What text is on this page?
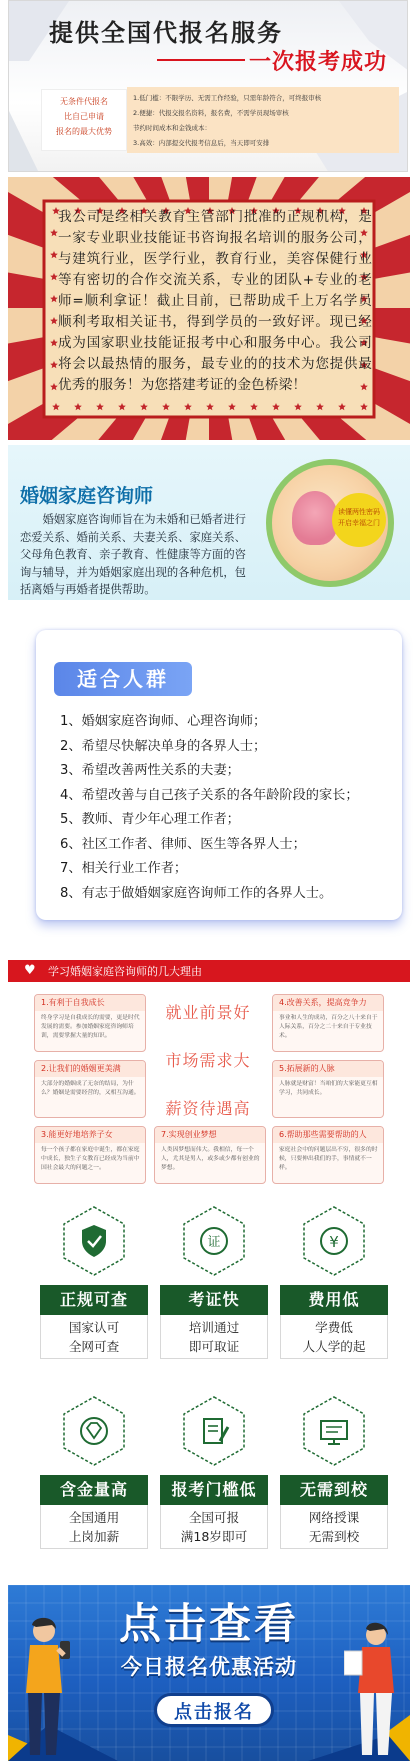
提供全国代报名服务
一次报考成功
无条件代报名
比自己申请
报名的最大优势
1.低门槛：不限学历、无需工作经验，只需年龄符合，可终报审核
2.便捷：代报交报名资料，报名费，不需学员现场审核
节约时间成本和金钱成本：
3.高效：内部提交代报考信息后，当天即可安排
我公司是经相关教育主管部门批准的正规机构，是一家专业职业技能证书咨询报名培训的服务公司，与建筑行业，医学行业，教育行业，美容保健行业等有密切的合作交流关系，专业的团队+专业的老师=顺利拿证！截止目前，已帮助成千上万名学员顺利考取相关证书，得到学员的一致好评。现已经成为国家职业技能证报考中心和服务中心。我公司将会以最热情的服务，最专业的的技术为您提供最优秀的服务！为您搭建考证的金色桥梁！
婚姻家庭咨询师
婚姻家庭咨询师旨在为未婚和已婚者进行恋爱关系、婚前关系、夫妻关系、家庭关系、父母角色教育、亲子教育、性健康等方面的咨询与辅导，并为婚姻家庭出现的各种危机，包括离婚与再婚者提供帮助。
读懂两性密码
开启幸福之门
适合人群
1、婚姻家庭咨询师、心理咨询师；
2、希望尽快解决单身的各界人士；
3、希望改善两性关系的夫妻；
4、希望改善与自己孩子关系的各年龄阶段的家长；
5、教师、青少年心理工作者；
6、社区工作者、律师、医生等各界人士；
7、相关行业工作者；
8、有志于做婚姻家庭咨询师工作的各界人士。
♥ 学习婚姻家庭咨询师的几大理由
1.有利于自我成长
终身学习是自我成长的需要，更是时代发展的需要。参加婚姻家庭咨询师培训，需要掌握大量的知识。
4.改善关系，提高竞争力
事业和人生的成功，百分之八十来自于人际关系，百分之二十来自于专业技术。
2.让我们的婚姻更美满
大部分的婚姻成了无奈的结局，为什么？婚姻是需要经营的，又相互沟通。
5.拓展新的人脉
人脉就是财富！当咱们的大家能更互相学习，共同成长。
3.能更好地培养子女
每一个孩子都在家庭中诞生，都在家庭中成长，独生子女教育已经成为当前中国社会最大的问题之一。
7.实现创业梦想
人类因梦想而伟大。我相信，每一个人，尤其是男人，或多或少都有创业的梦想。
6.帮助那些需要帮助的人
家庭社会中的问题层出不穷，很多的时候，只要伸出我们的手，事情就不一样。
就业前景好
市场需求大
薪资待遇高
正规可查
国家认可
全网可查
证
考证快
培训通过
即可取证
¥
费用低
学费低
人人学的起
含金量高
全国通用
上岗加薪
报考门槛低
全国可报
满18岁即可
无需到校
网络授课
无需到校
点击查看
今日报名优惠活动
点击报名
